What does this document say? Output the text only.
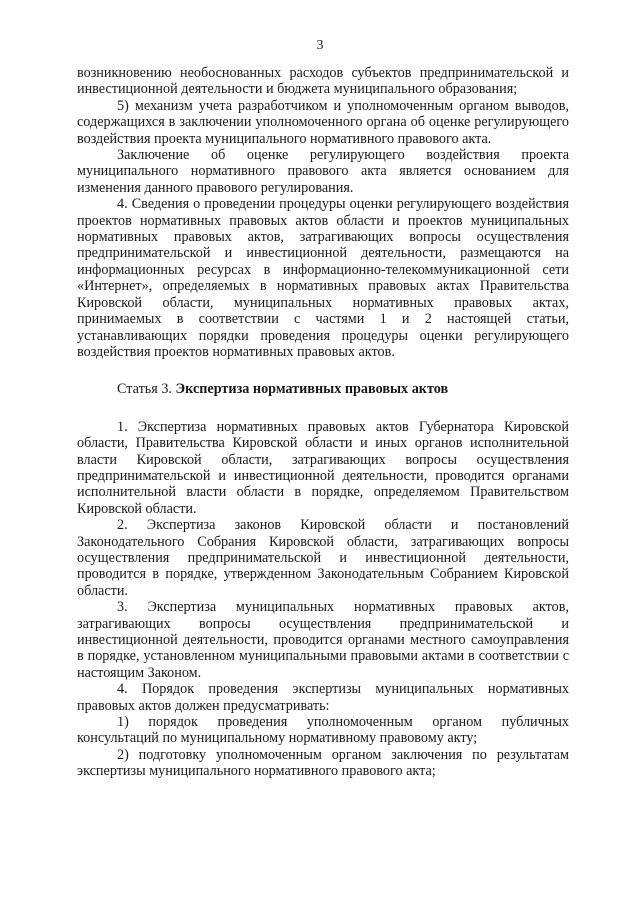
3

возникновению необоснованных расходов субъектов предпринимательской и инвестиционной деятельности и бюджета муниципального образования;

5) механизм учета разработчиком и уполномоченным органом выводов, содержащихся в заключении уполномоченного органа об оценке регулирующего воздействия проекта муниципального нормативного правового акта.

Заключение об оценке регулирующего воздействия проекта муниципального нормативного правового акта является основанием для изменения данного правового регулирования.

4. Сведения о проведении процедуры оценки регулирующего воздействия проектов нормативных правовых актов области и проектов муниципальных нормативных правовых актов, затрагивающих вопросы осуществления предпринимательской и инвестиционной деятельности, размещаются на информационных ресурсах в информационно-телекоммуникационной сети «Интернет», определяемых в нормативных правовых актах Правительства Кировской области, муниципальных нормативных правовых актах, принимаемых в соответствии с частями 1 и 2 настоящей статьи, устанавливающих порядки проведения процедуры оценки регулирующего воздействия проектов нормативных правовых актов.

Статья 3. Экспертиза нормативных правовых актов

1. Экспертиза нормативных правовых актов Губернатора Кировской области, Правительства Кировской области и иных органов исполнительной власти Кировской области, затрагивающих вопросы осуществления предпринимательской и инвестиционной деятельности, проводится органами исполнительной власти области в порядке, определяемом Правительством Кировской области.

2. Экспертиза законов Кировской области и постановлений Законодательного Собрания Кировской области, затрагивающих вопросы осуществления предпринимательской и инвестиционной деятельности, проводится в порядке, утвержденном Законодательным Собранием Кировской области.

3. Экспертиза муниципальных нормативных правовых актов, затрагивающих вопросы осуществления предпринимательской и инвестиционной деятельности, проводится органами местного самоуправления в порядке, установленном муниципальными правовыми актами в соответствии с настоящим Законом.

4. Порядок проведения экспертизы муниципальных нормативных правовых актов должен предусматривать:

1) порядок проведения уполномоченным органом публичных консультаций по муниципальному нормативному правовому акту;

2) подготовку уполномоченным органом заключения по результатам экспертизы муниципального нормативного правового акта;
